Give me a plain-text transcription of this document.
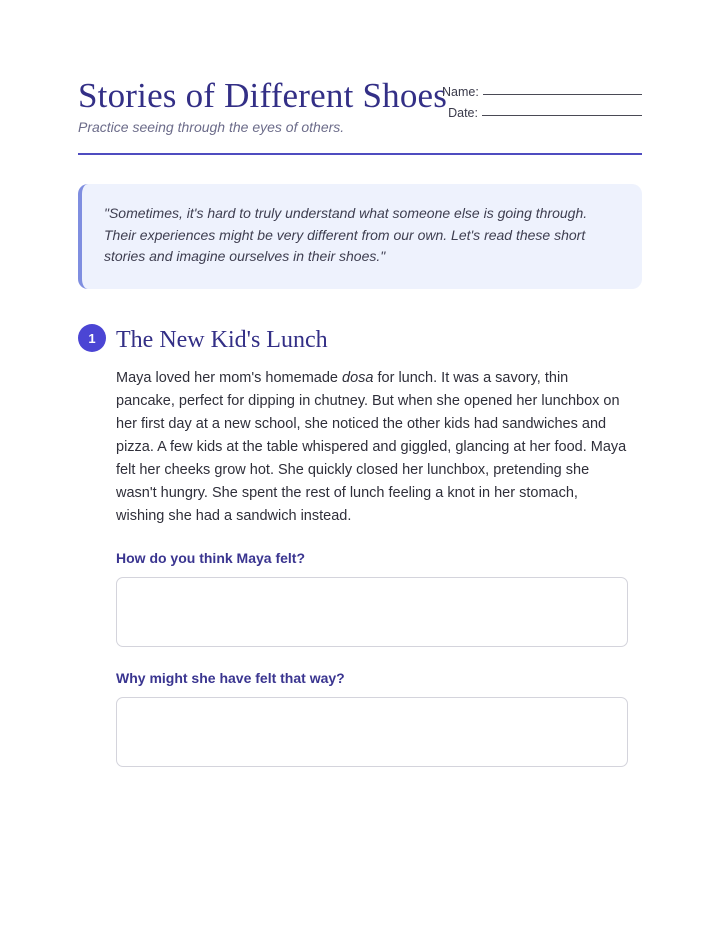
Stories of Different Shoes
Practice seeing through the eyes of others.
Name:
Date:
"Sometimes, it's hard to truly understand what someone else is going through. Their experiences might be very different from our own. Let's read these short stories and imagine ourselves in their shoes."
1 The New Kid's Lunch

Maya loved her mom's homemade dosa for lunch. It was a savory, thin pancake, perfect for dipping in chutney. But when she opened her lunchbox on her first day at a new school, she noticed the other kids had sandwiches and pizza. A few kids at the table whispered and giggled, glancing at her food. Maya felt her cheeks grow hot. She quickly closed her lunchbox, pretending she wasn't hungry. She spent the rest of lunch feeling a knot in her stomach, wishing she had a sandwich instead.

How do you think Maya felt?
Why might she have felt that way?
